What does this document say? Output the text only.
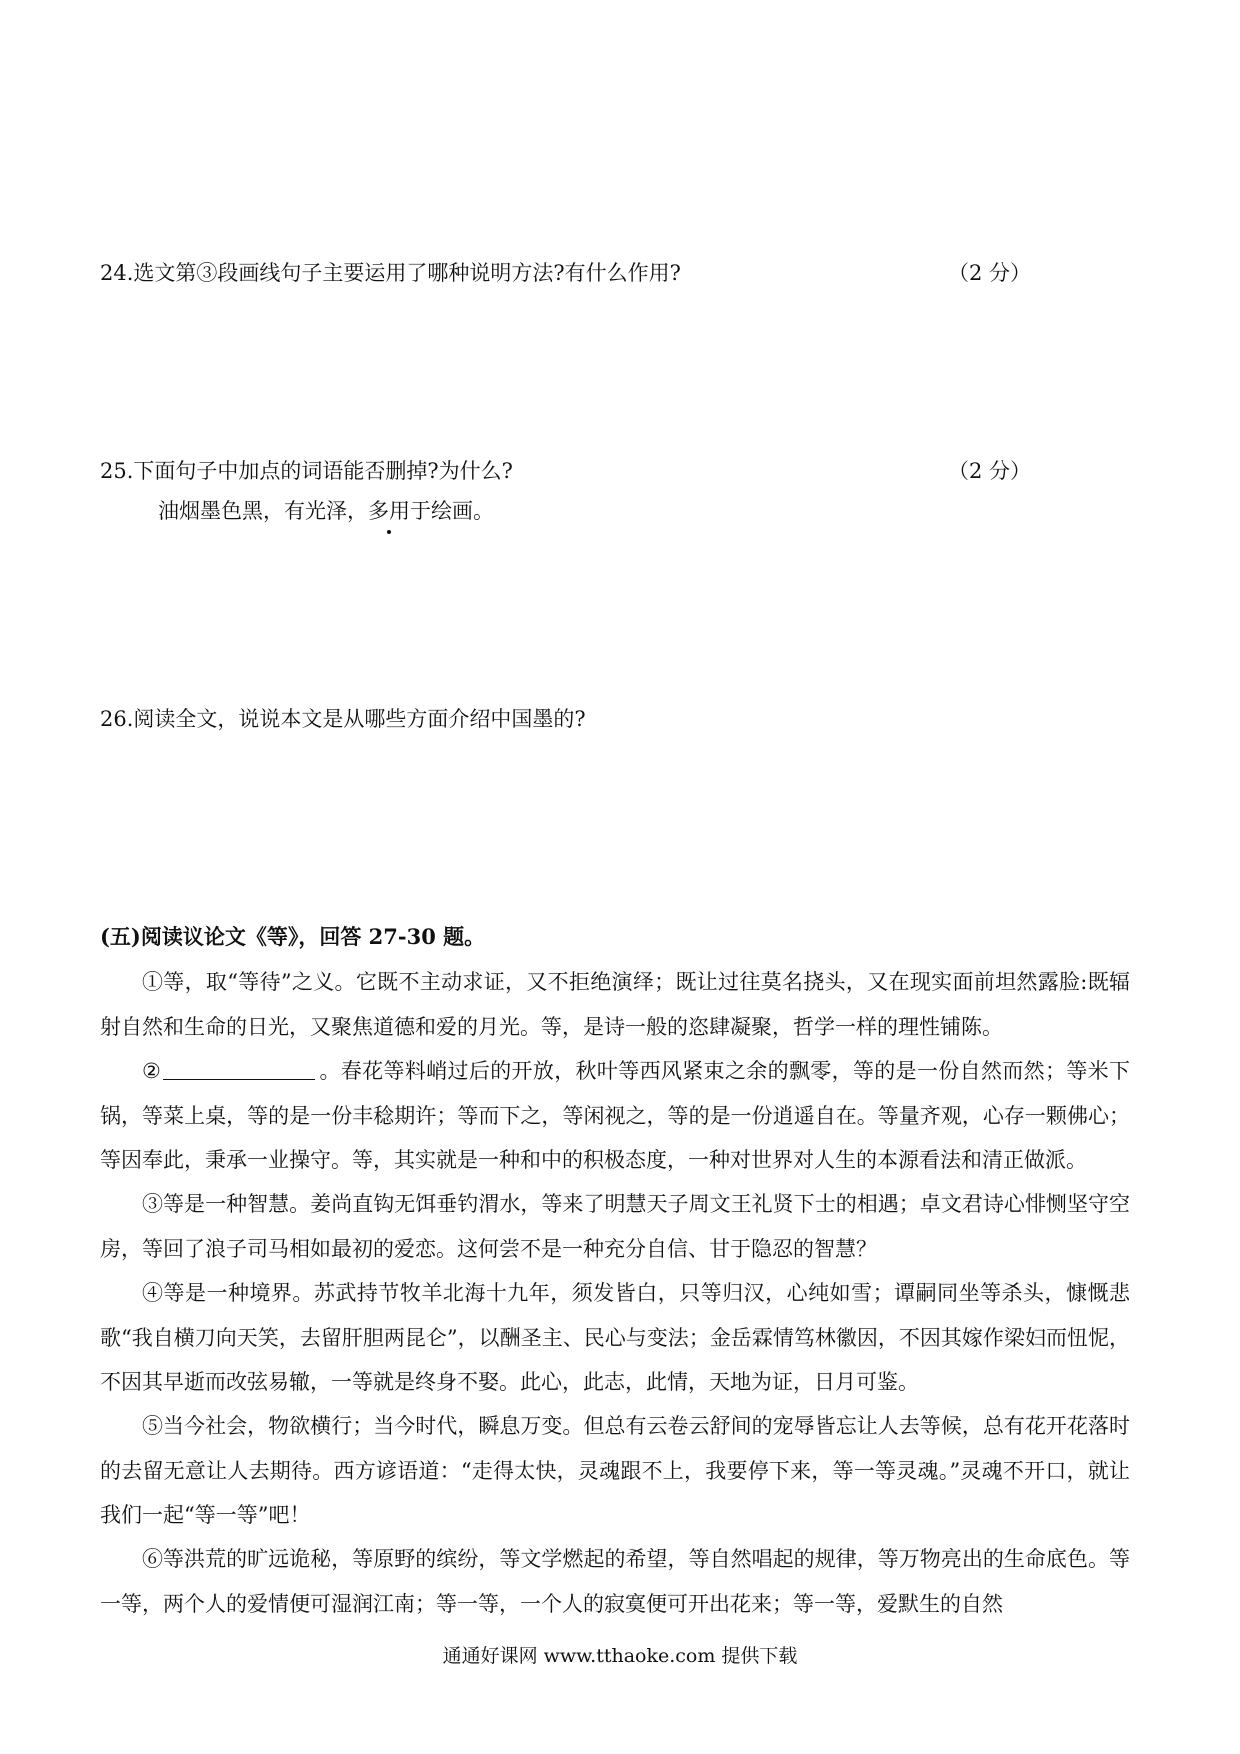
24.选文第③段画线句子主要运用了哪种说明方法?有什么作用?	（2 分）
25.下面句子中加点的词语能否删掉?为什么?	（2 分）
油烟墨色黑，有光泽，多用于绘画。
26.阅读全文，说说本文是从哪些方面介绍中国墨的?
(五)阅读议论文《等》，回答 27-30 题。
①等，取“等待”之义。它既不主动求证，又不拒绝演绎；既让过往莫名挠头，又在现实面前坦然露脸:既辐射自然和生命的日光，又聚焦道德和爱的月光。等，是诗一般的恣肆凝聚，哲学一样的理性铺陈。
②	。春花等料峭过后的开放，秋叶等西风紧束之余的飘零，等的是一份自然而然；等米下锅，等菜上桌，等的是一份丰稔期许；等而下之，等闲视之，等的是一份逍遥自在。等量齐观，心存一颗佛心；等因奉此，秉承一业操守。等，其实就是一种和中的积极态度，一种对世界对人生的本源看法和清正做派。
③等是一种智慧。姜尚直钩无饵垂钓渭水，等来了明慧天子周文王礼贤下士的相遇；卓文君诗心悱恻坚守空房，等回了浪子司马相如最初的爱恋。这何尝不是一种充分自信、甘于隐忍的智慧？
④等是一种境界。苏武持节牧羊北海十九年，须发皆白，只等归汉，心纯如雪；谭嗣同坐等杀头，慷慨悲歌“我自横刀向天笑，去留肝胆两昆仑”，以酬圣主、民心与变法；金岳霖情笃林徽因，不因其嫁作梁妇而忸怩，不因其早逝而改弦易辙，一等就是终身不娶。此心，此志，此情，天地为证，日月可鉴。
⑤当今社会，物欲横行；当今时代，瞬息万变。但总有云卷云舒间的宠辱皆忘让人去等候，总有花开花落时的去留无意让人去期待。西方谚语道：“走得太快，灵魂跟不上，我要停下来，等一等灵魂。”灵魂不开口，就让我们一起“等一等”吧！
⑥等洪荒的旷远诡秘，等原野的缤纷，等文学燃起的希望，等自然唱起的规律，等万物亮出的生命底色。等一等，两个人的爱情便可湿润江南；等一等，一个人的寂寞便可开出花来；等一等，爱默生的自然
通通好课网 www.tthaoke.com 提供下载
